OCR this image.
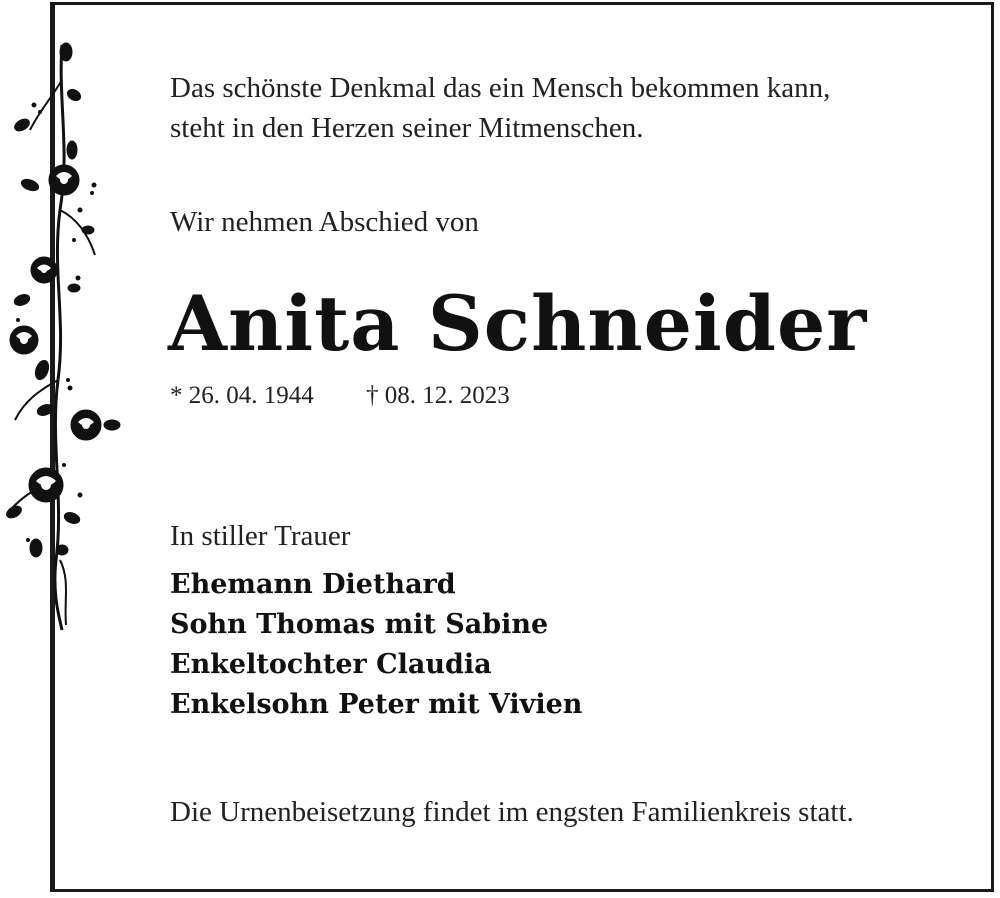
Das schönste Denkmal das ein Mensch bekommen kann,
steht in den Herzen seiner Mitmenschen.

Wir nehmen Abschied von

Anita Schneider
* 26. 04. 1944 † 08. 12. 2023
In stiller Trauer
Ehemann Diethard
Sohn Thomas mit Sabine
Enkeltochter Claudia
Enkelsohn Peter mit Vivien
Die Urnenbeisetzung findet im engsten Familienkreis statt.
